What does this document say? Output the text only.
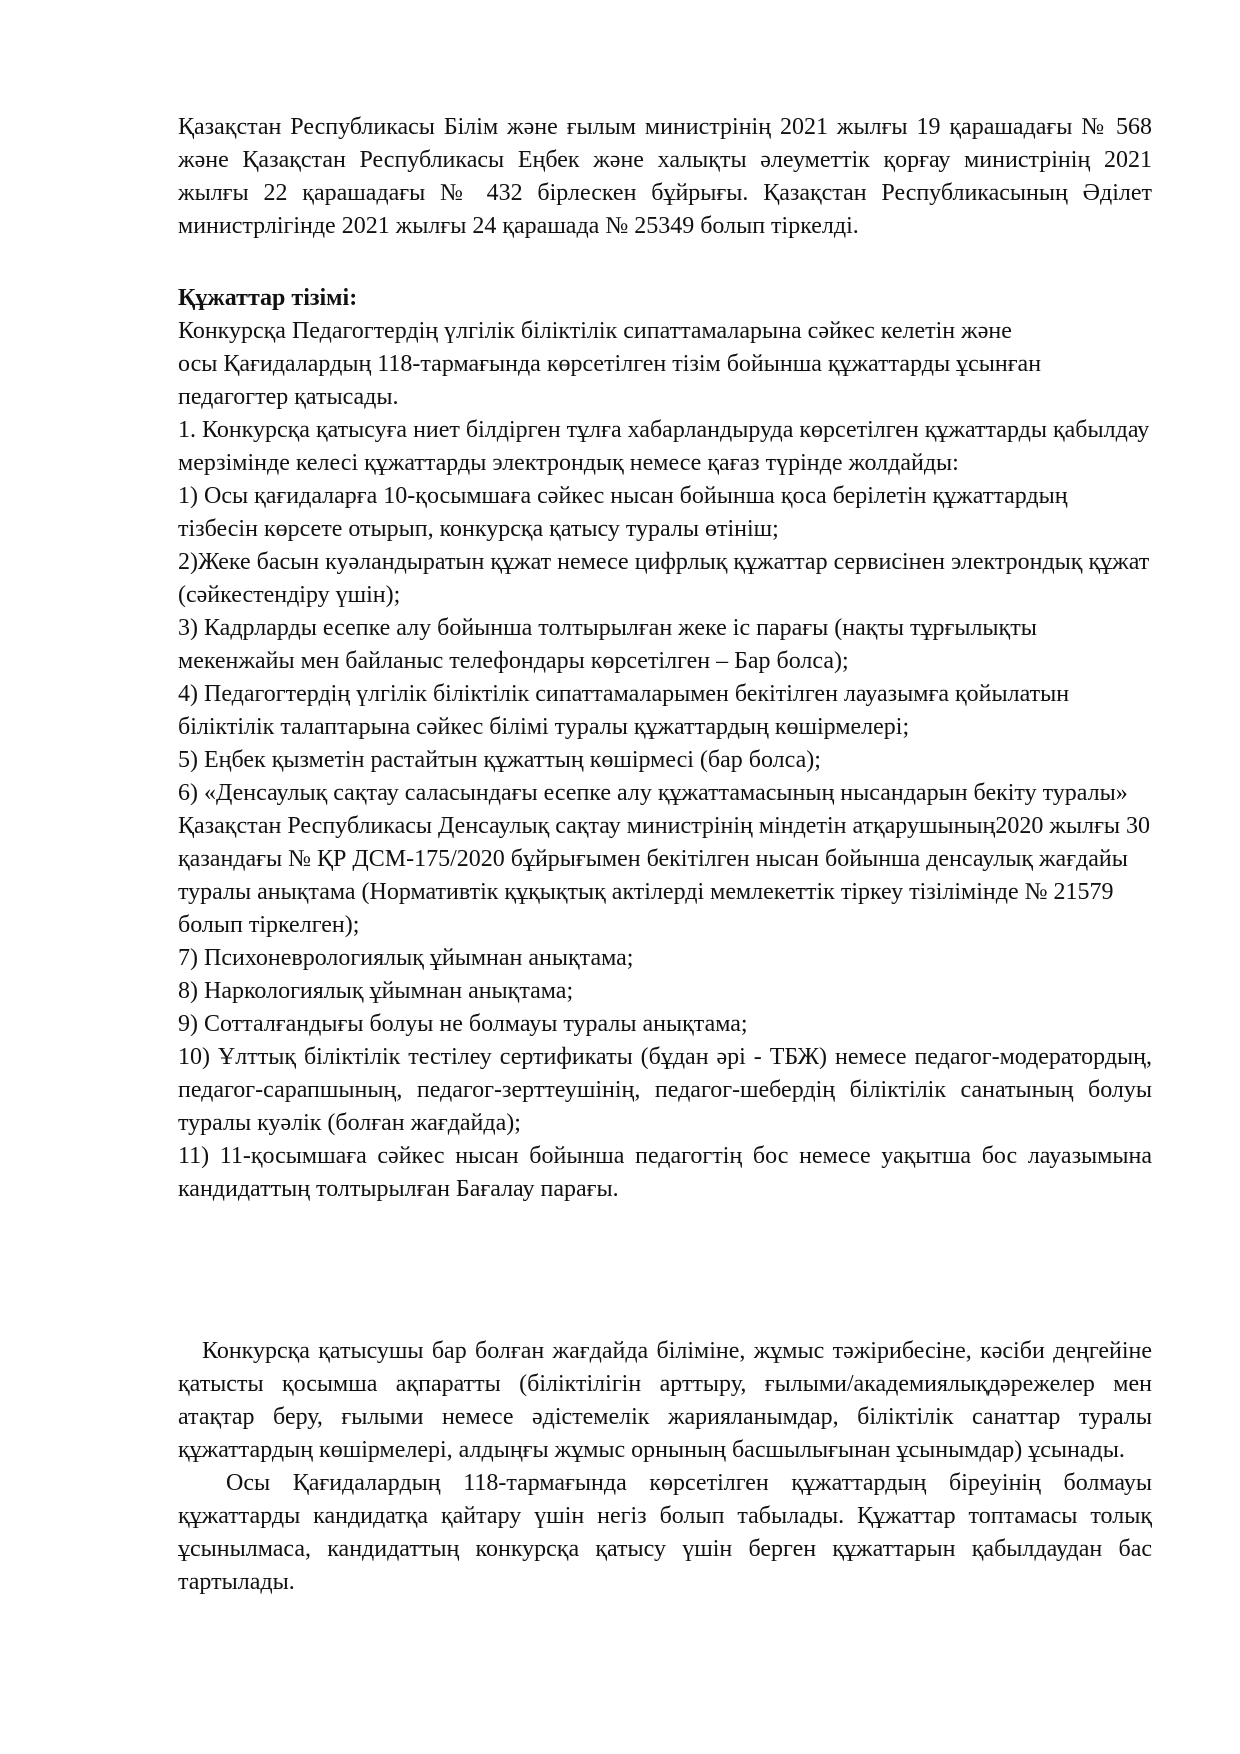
Қазақстан Республикасы Білім және ғылым министрінің 2021 жылғы 19 қарашадағы № 568 және Қазақстан Республикасы Еңбек және халықты әлеуметтік қорғау министрінің 2021 жылғы 22 қарашадағы № 432 бірлескен бұйрығы. Қазақстан Республикасының Әділет министрлігінде 2021 жылғы 24 қарашада № 25349 болып тіркелді.

Құжаттар тізімі:

Конкурсқа Педагогтердің үлгілік біліктілік сипаттамаларына сәйкес келетін және
осы Қағидалардың 118-тармағында көрсетілген тізім бойынша құжаттарды ұсынған
педагогтер қатысады.

1. Конкурсқа қатысуға ниет білдірген тұлға хабарландыруда көрсетілген құжаттарды қабылдау мерзімінде келесі құжаттарды электрондық немесе қағаз түрінде жолдайды:

1) Осы қағидаларға 10-қосымшаға сәйкес нысан бойынша қоса берілетін құжаттардың тізбесін көрсете отырып, конкурсқа қатысу туралы өтініш;

2)Жеке басын куәландыратын құжат немесе цифрлық құжаттар сервисінен электрондық құжат (сәйкестендіру үшін);

3) Кадрларды есепке алу бойынша толтырылған жеке іс парағы (нақты тұрғылықты мекенжайы мен байланыс телефондары көрсетілген – Бар болса);

4) Педагогтердің үлгілік біліктілік сипаттамаларымен бекітілген лауазымға қойылатын біліктілік талаптарына сәйкес білімі туралы құжаттардың көшірмелері;

5) Еңбек қызметін растайтын құжаттың көшірмесі (бар болса);

6) «Денсаулық сақтау саласындағы есепке алу құжаттамасының нысандарын бекіту туралы» Қазақстан Республикасы Денсаулық сақтау министрінің міндетін атқарушының2020 жылғы 30 қазандағы № ҚР ДСМ-175/2020 бұйрығымен бекітілген нысан бойынша денсаулық жағдайы туралы анықтама (Нормативтік құқықтық актілерді мемлекеттік тіркеу тізілімінде № 21579 болып тіркелген);

7) Психоневрологиялық ұйымнан анықтама;

8) Наркологиялық ұйымнан анықтама;

9) Сотталғандығы болуы не болмауы туралы анықтама;

10) Ұлттық біліктілік тестілеу сертификаты (бұдан әрі - ТБЖ) немесе педагог-модератордың, педагог-сарапшының, педагог-зерттеушінің, педагог-шебердің біліктілік санатының болуы туралы куәлік (болған жағдайда);

11) 11-қосымшаға сәйкес нысан бойынша педагогтің бос немесе уақытша бос лауазымына кандидаттың толтырылған Бағалау парағы.

Конкурсқа қатысушы бар болған жағдайда біліміне, жұмыс тәжірибесіне, кәсіби деңгейіне қатысты қосымша ақпаратты (біліктілігін арттыру, ғылыми/академиялықдәрежелер мен атақтар беру, ғылыми немесе әдістемелік жарияланымдар, біліктілік санаттар туралы құжаттардың көшірмелері, алдыңғы жұмыс орнының басшылығынан ұсынымдар) ұсынады.

Осы Қағидалардың 118-тармағында көрсетілген құжаттардың біреуінің болмауы құжаттарды кандидатқа қайтару үшін негіз болып табылады. Құжаттар топтамасы толық ұсынылмаса, кандидаттың конкурсқа қатысу үшін берген құжаттарын қабылдаудан бас тартылады.
